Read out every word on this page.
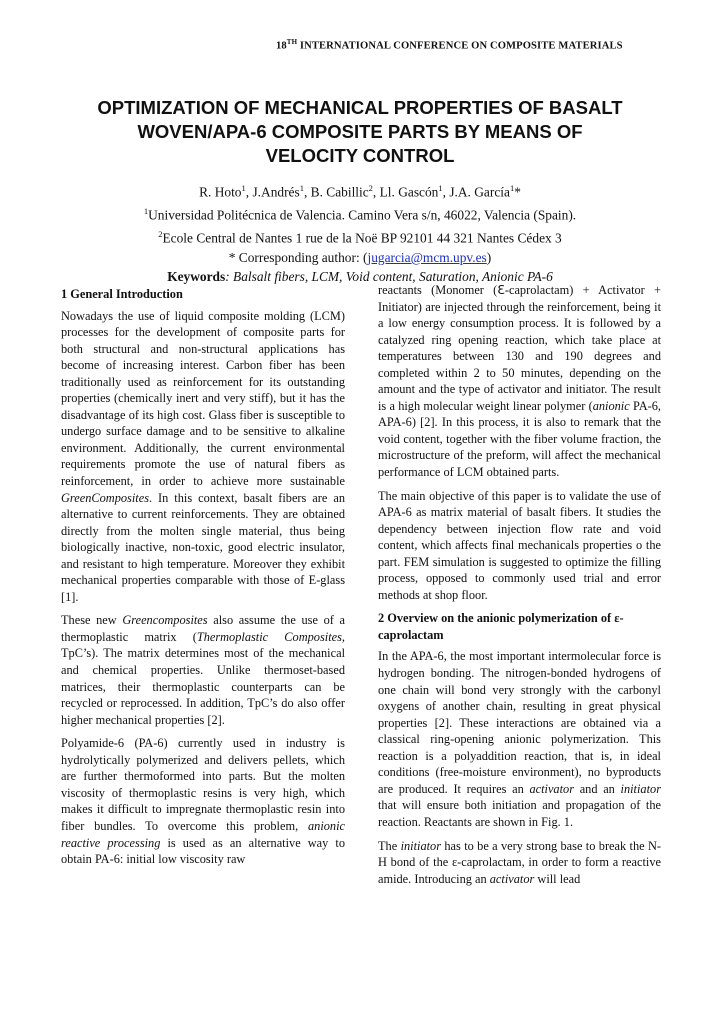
18TH INTERNATIONAL CONFERENCE ON COMPOSITE MATERIALS
OPTIMIZATION OF MECHANICAL PROPERTIES OF BASALT
WOVEN/APA-6 COMPOSITE PARTS BY MEANS OF
VELOCITY CONTROL
R. Hoto$^1$, J.Andrés$^1$, B. Cabillic$^2$, Ll. Gascón$^1$, J.A. García$^1$*
$^1$Universidad Politécnica de Valencia. Camino Vera s/n, 46022, Valencia (Spain).
$^2$Ecole Central de Nantes 1 rue de la Noë BP 92101 44 321 Nantes Cédex 3
* Corresponding author: (jugarcia@mcm.upv.es)
Keywords: Balsalt fibers, LCM, Void content, Saturation, Anionic PA-6
1 General Introduction

Nowadays the use of liquid composite molding (LCM) processes for the development of composite parts for both structural and non-structural applications has become of increasing interest. Carbon fiber has been traditionally used as reinforcement for its outstanding properties (chemically inert and very stiff), but it has the disadvantage of its high cost. Glass fiber is susceptible to undergo surface damage and to be sensitive to alkaline environment. Additionally, the current environmental requirements promote the use of natural fibers as reinforcement, in order to achieve more sustainable GreenComposites. In this context, basalt fibers are an alternative to current reinforcements. They are obtained directly from the molten single material, thus being biologically inactive, non-toxic, good electric insulator, and resistant to high temperature. Moreover they exhibit mechanical properties comparable with those of E-glass [1].

These new Greencomposites also assume the use of a thermoplastic matrix (Thermoplastic Composites, TpC’s). The matrix determines most of the mechanical and chemical properties. Unlike thermoset-based matrices, their thermoplastic counterparts can be recycled or reprocessed. In addition, TpC’s do also offer higher mechanical properties [2].

Polyamide-6 (PA-6) currently used in industry is hydrolytically polymerized and delivers pellets, which are further thermoformed into parts. But the molten viscosity of thermoplastic resins is very high, which makes it difficult to impregnate thermoplastic resin into fiber bundles. To overcome this problem, anionic reactive processing is used as an alternative way to obtain PA-6: initial low viscosity raw

reactants (Monomer (ℇ-caprolactam) + Activator + Initiator) are injected through the reinforcement, being it a low energy consumption process. It is followed by a catalyzed ring opening reaction, which take place at temperatures between 130 and 190 degrees and completed within 2 to 50 minutes, depending on the amount and the type of activator and initiator. The result is a high molecular weight linear polymer (anionic PA-6, APA-6) [2]. In this process, it is also to remark that the void content, together with the fiber volume fraction, the microstructure of the preform, will affect the mechanical performance of LCM obtained parts.

The main objective of this paper is to validate the use of APA-6 as matrix material of basalt fibers. It studies the dependency between injection flow rate and void content, which affects final mechanicals properties o the part. FEM simulation is suggested to optimize the filling process, opposed to commonly used trial and error methods at shop floor.

2 Overview on the anionic polymerization of ε-caprolactam

In the APA-6, the most important intermolecular force is hydrogen bonding. The nitrogen-bonded hydrogens of one chain will bond very strongly with the carbonyl oxygens of another chain, resulting in great physical properties [2]. These interactions are obtained via a classical ring-opening anionic polymerization. This reaction is a polyaddition reaction, that is, in ideal conditions (free-moisture environment), no byproducts are produced. It requires an activator and an initiator that will ensure both initiation and propagation of the reaction. Reactants are shown in Fig. 1.

The initiator has to be a very strong base to break the N-H bond of the ε-caprolactam, in order to form a reactive amide. Introducing an activator will lead
